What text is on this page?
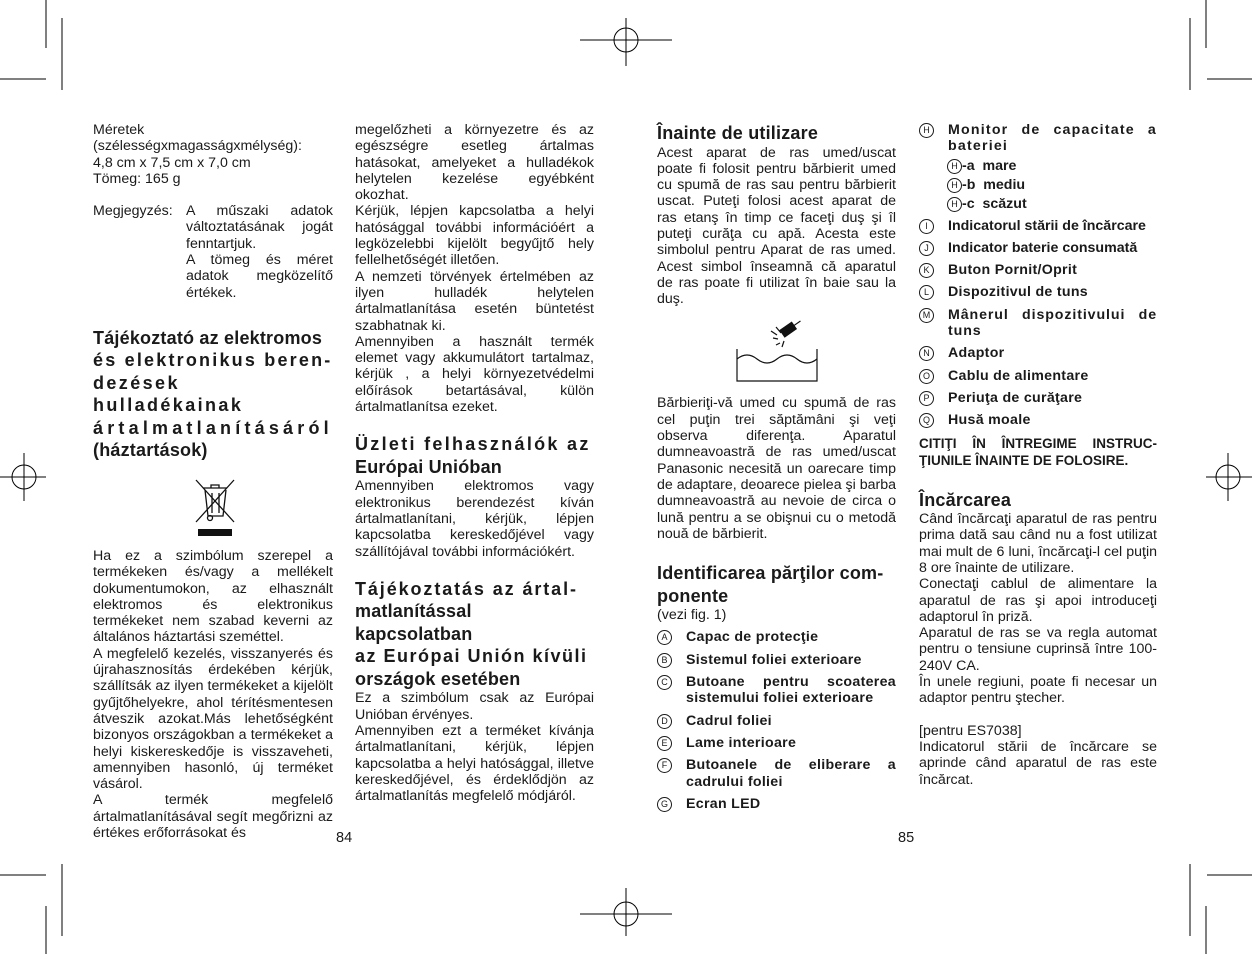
Méretek

(szélességxmagasságxmélység):

4,8 cm x 7,5 cm x 7,0 cm

Tömeg: 165 g

Megjegyzés: A műszaki adatok változtatásának jogát fenntartjuk.

A tömeg és méret adatok megközelítő értékek.

Tájékoztató az elektromos
és elektronikus beren-
dezések hulladékainak
ártalmatlanításáról
(háztartások)

Ha ez a szimbólum szerepel a termékeken és/vagy a mellékelt dokumentumokon, az elhasznált elektromos és elektronikus termékeket nem szabad keverni az általános háztartási szeméttel.

A megfelelő kezelés, visszanyerés és újrahasznosítás érdekében kérjük, szállítsák az ilyen termékeket a kijelölt gyűjtőhelyekre, ahol térítésmentesen átveszik azokat.Más lehetőségként bizonyos országokban a termékeket a helyi kiskereskedője is visszaveheti, amennyiben hasonló, új terméket vásárol.

A termék megfelelő ártalmatlanításával segít megőrizni az értékes erőforrásokat és

megelőzheti a környezetre és az egészségre esetleg ártalmas hatásokat, amelyeket a hulladékok helytelen kezelése egyébként okozhat.

Kérjük, lépjen kapcsolatba a helyi hatósággal további információért a legközelebbi kijelölt begyűjtő hely fellelhetőségét illetően.

A nemzeti törvények értelmében az ilyen hulladék helytelen ártalmatlanítása esetén büntetést szabhatnak ki.

Amennyiben a használt termék elemet vagy akkumulátort tartalmaz, kérjük , a helyi környezetvédelmi előírások betartásával, külön ártalmatlanítsa ezeket.

Üzleti felhasználók az
Európai Unióban

Amennyiben elektromos vagy elektronikus berendezést kíván ártalmatlanítani, kérjük, lépjen kapcsolatba kereskedőjével vagy szállítójával további információkért.

Tájékoztatás az ártal-
matlanítással kapcsolatban
az Európai Unión kívüli
országok esetében

Ez a szimbólum csak az Európai Unióban érvényes.

Amennyiben ezt a terméket kívánja ártalmatlanítani, kérjük, lépjen kapcsolatba a helyi hatósággal, illetve kereskedőjével, és érdeklődjön az ártalmatlanítás megfelelő módjáról.

84
Înainte de utilizare

Acest aparat de ras umed/uscat poate fi folosit pentru bărbierit umed cu spumă de ras sau pentru bărbierit uscat. Puteţi folosi acest aparat de ras etanş în timp ce faceţi duş şi îl puteţi curăţa cu apă. Acesta este simbolul pentru Aparat de ras umed. Acest simbol înseamnă că aparatul de ras poate fi utilizat în baie sau la duş.

Bărbieriţi-vă umed cu spumă de ras cel puţin trei săptămâni şi veţi observa diferenţa. Aparatul dumneavoastră de ras umed/uscat Panasonic necesită un oarecare timp de adaptare, deoarece pielea şi barba dumneavoastră au nevoie de circa o lună pentru a se obişnui cu o metodă nouă de bărbierit.

Identificarea părţilor com-
ponente

(vezi fig. 1)

A	Capac de protecţie
B	Sistemul foliei exterioare
C Butoane pentru scoaterea sistemului foliei exterioare
D Cadrul foliei
E	Lame interioare
F	Butoanele de eliberare a cadrului foliei
G Ecran LED
85
H Monitor de capacitate a bateriei
H -a
mare
H -b
mediu
H -c
scăzut
I	Indicatorul stării de încărcare
J	Indicator baterie consumată
K	Buton Pornit/Oprit
L	Dispozitivul de tuns
M Mânerul dispozitivului de tuns
N Adaptor
O Cablu de alimentare
P	Periuţa de curăţare
Q Husă moale

CITIŢI ÎN ÎNTREGIME INSTRUC-ŢIUNILE ÎNAINTE DE FOLOSIRE.

Încărcarea

Când încărcaţi aparatul de ras pentru prima dată sau când nu a fost utilizat mai mult de 6 luni, încărcaţi-l cel puţin 8 ore înainte de utilizare.

Conectaţi cablul de alimentare la aparatul de ras şi apoi introduceţi adaptorul în priză.

Aparatul de ras se va regla automat pentru o tensiune cuprinsă între 100-240V CA.

În unele regiuni, poate fi necesar un adaptor pentru ştecher.

[pentru ES7038]

Indicatorul stării de încărcare se aprinde când aparatul de ras este încărcat.
